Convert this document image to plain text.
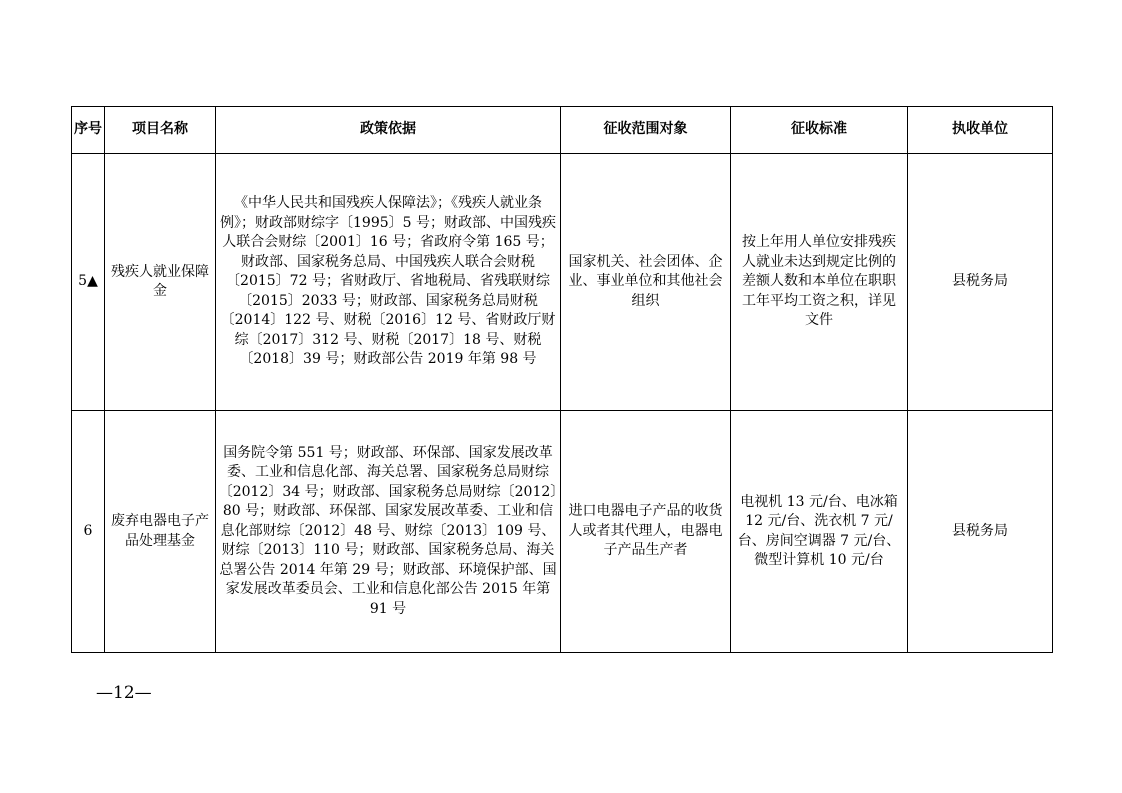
序号	项目名称	政策依据	征收范围对象	征收标准	执收单位
5▲	残疾人就业保障金	《中华人民共和国残疾人保障法》；《残疾人就业条例》；财政部财综字〔1995〕5 号；财政部、中国残疾人联合会财综〔2001〕16 号；省政府令第 165 号；财政部、国家税务总局、中国残疾人联合会财税〔2015〕72 号；省财政厅、省地税局、省残联财综〔2015〕2033 号；财政部、国家税务总局财税〔2014〕122 号、财税〔2016〕12 号、省财政厅财综〔2017〕312 号、财税〔2017〕18 号、财税〔2018〕39 号；财政部公告 2019 年第 98 号	国家机关、社会团体、企业、事业单位和其他社会组织	按上年用人单位安排残疾人就业未达到规定比例的差额人数和本单位在职职工年平均工资之积，详见文件	县税务局
6	废弃电器电子产品处理基金	国务院令第 551 号；财政部、环保部、国家发展改革委、工业和信息化部、海关总署、国家税务总局财综〔2012〕34 号；财政部、国家税务总局财综〔2012〕80 号；财政部、环保部、国家发展改革委、工业和信息化部财综〔2012〕48 号、财综〔2013〕109 号、财综〔2013〕110 号；财政部、国家税务总局、海关总署公告 2014 年第 29 号；财政部、环境保护部、国家发展改革委员会、工业和信息化部公告 2015 年第 91 号	进口电器电子产品的收货人或者其代理人，电器电子产品生产者	电视机 13 元/台、电冰箱 12 元/台、洗衣机 7 元/台、房间空调器 7 元/台、微型计算机 10 元/台	县税务局
—12—
